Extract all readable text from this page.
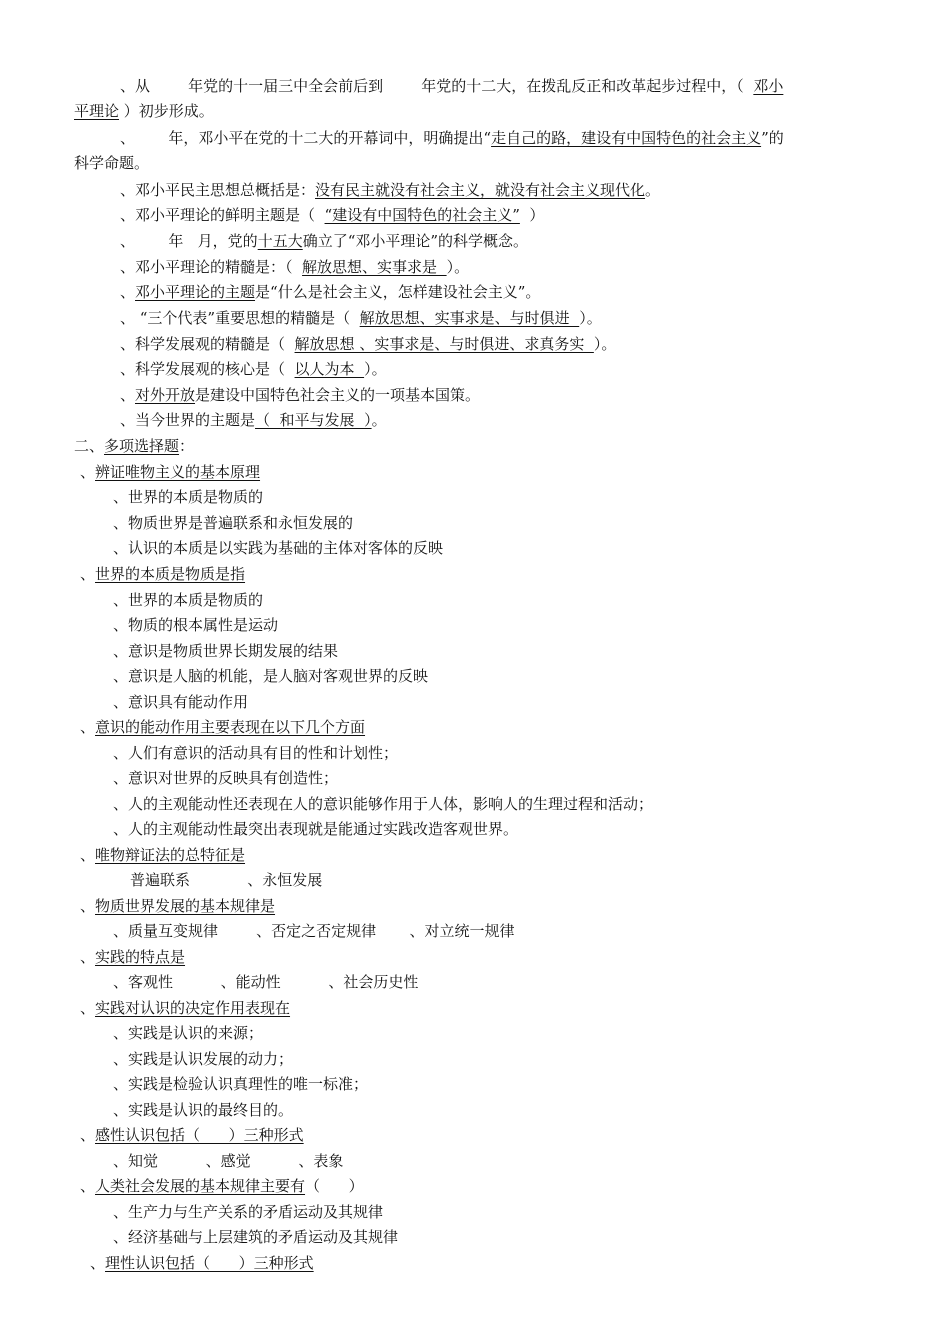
、从        年党的十一届三中全会前后到        年党的十二大，在拨乱反正和改革起步过程中，（  邓小
平理论 ）初步形成。
、       年，邓小平在党的十二大的开幕词中，明确提出“走自己的路，建设有中国特色的社会主义”的
科学命题。
、邓小平民主思想总概括是：没有民主就没有社会主义，就没有社会主义现代化。
、邓小平理论的鲜明主题是（  “建设有中国特色的社会主义”  ）
、       年   月，党的十五大确立了“邓小平理论”的科学概念。
、邓小平理论的精髓是：（  解放思想、实事求是  ）。
、邓小平理论的主题是“什么是社会主义，怎样建设社会主义”。
、 “三个代表”重要思想的精髓是（  解放思想、实事求是、与时俱进  ）。
、科学发展观的精髓是（  解放思想 、实事求是、与时俱进、求真务实  ）。
、科学发展观的核心是（  以人为本  ）。
、对外开放是建设中国特色社会主义的一项基本国策。
、当今世界的主题是（  和平与发展  ）。
二、多项选择题：
、辨证唯物主义的基本原理
、世界的本质是物质的
、物质世界是普遍联系和永恒发展的
、认识的本质是以实践为基础的主体对客体的反映
、世界的本质是物质是指
、世界的本质是物质的
、物质的根本属性是运动
、意识是物质世界长期发展的结果
、意识是人脑的机能，是人脑对客观世界的反映
、意识具有能动作用
、意识的能动作用主要表现在以下几个方面
、人们有意识的活动具有目的性和计划性；
、意识对世界的反映具有创造性；
、人的主观能动性还表现在人的意识能够作用于人体，影响人的生理过程和活动；
、人的主观能动性最突出表现就是能通过实践改造客观世界。
、唯物辩证法的总特征是
普遍联系            、永恒发展
、物质世界发展的基本规律是
、质量互变规律        、否定之否定规律       、对立统一规律
、实践的特点是
、客观性          、能动性          、社会历史性
、实践对认识的决定作用表现在
、实践是认识的来源；
、实践是认识发展的动力；
、实践是检验认识真理性的唯一标准；
、实践是认识的最终目的。
、感性认识包括（      ）三种形式
、知觉          、感觉          、表象
、人类社会发展的基本规律主要有（      ）
、生产力与生产关系的矛盾运动及其规律
、经济基础与上层建筑的矛盾运动及其规律
、理性认识包括（      ）三种形式
